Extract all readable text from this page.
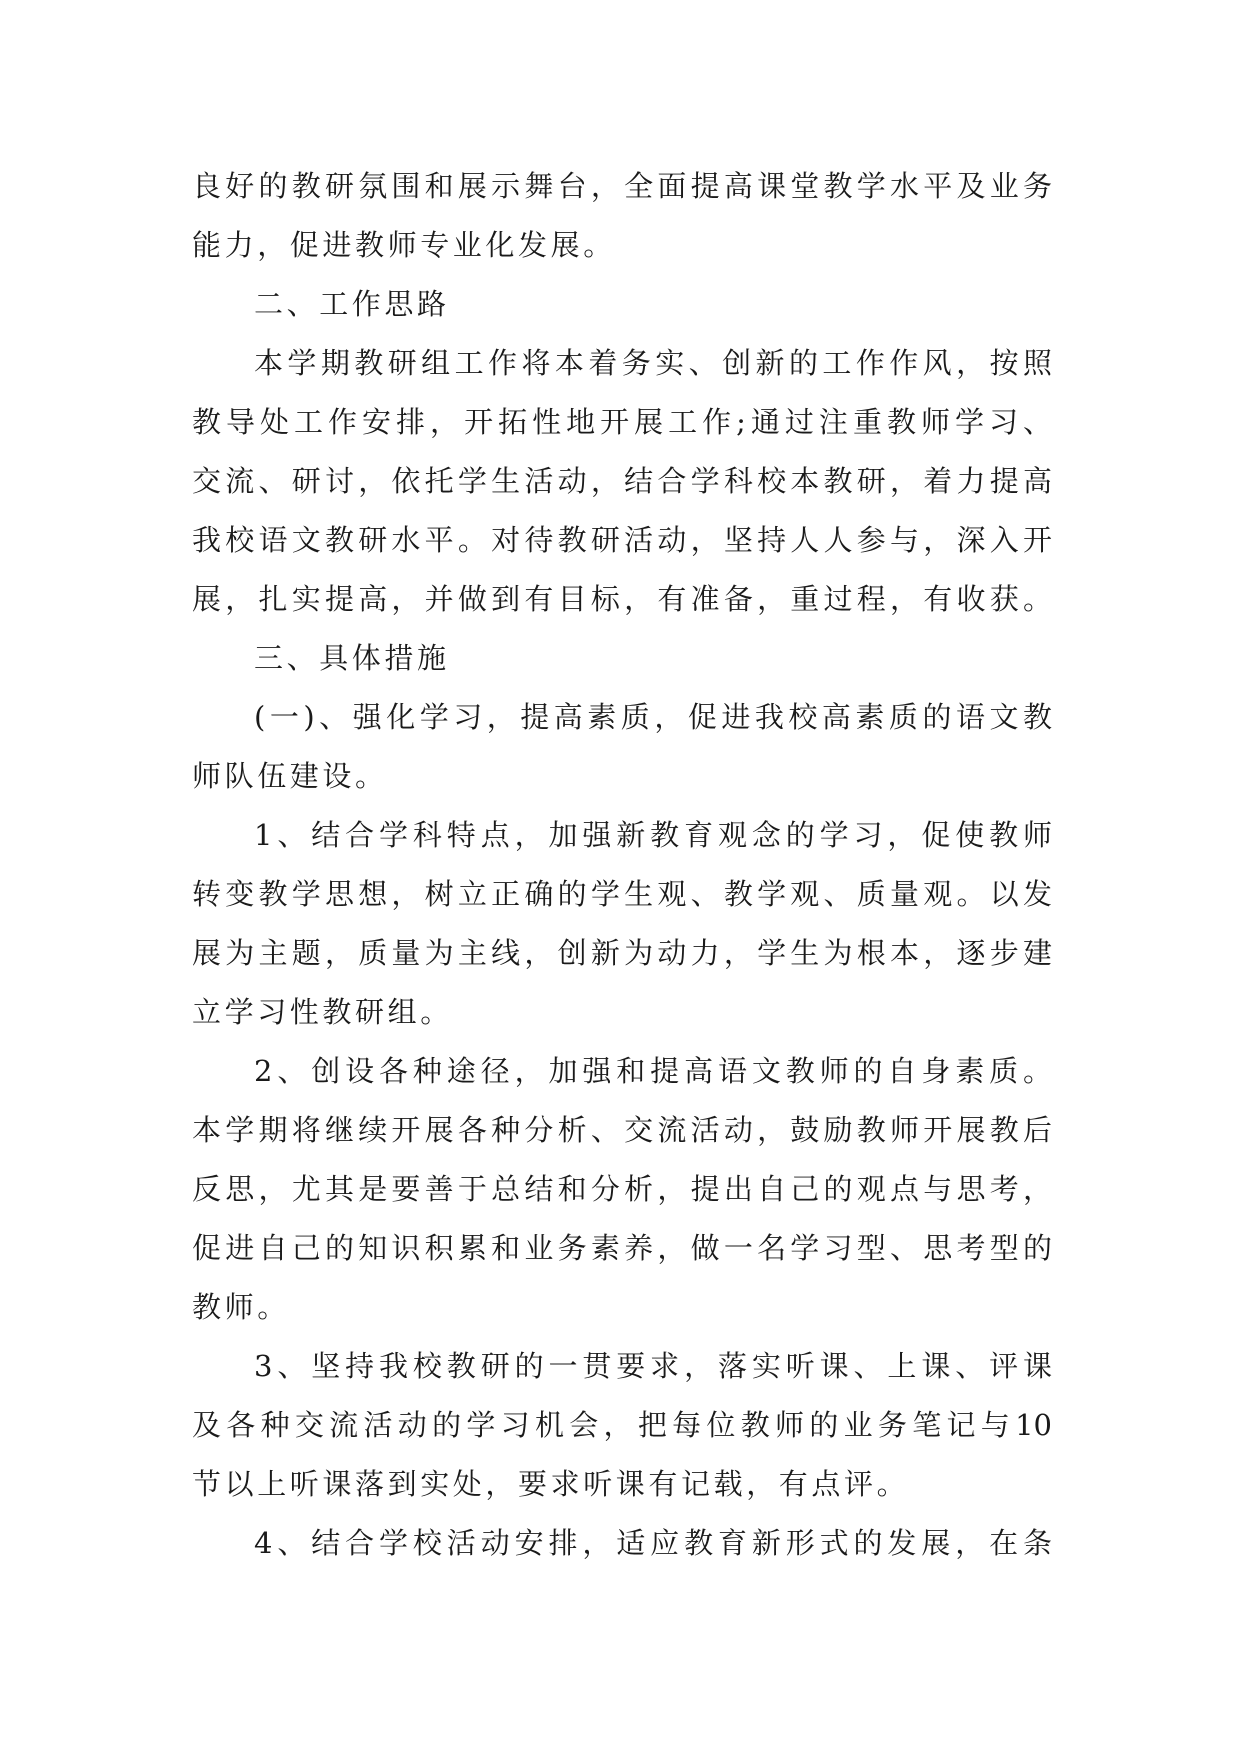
良好的教研氛围和展示舞台，全面提高课堂教学水平及业务
能力，促进教师专业化发展。
二、工作思路
本学期教研组工作将本着务实、创新的工作作风，按照
教导处工作安排，开拓性地开展工作;通过注重教师学习、
交流、研讨，依托学生活动，结合学科校本教研，着力提高
我校语文教研水平。对待教研活动，坚持人人参与，深入开
展，扎实提高，并做到有目标，有准备，重过程，有收获。
三、具体措施
(一)、强化学习，提高素质，促进我校高素质的语文教
师队伍建设。
1、结合学科特点，加强新教育观念的学习，促使教师
转变教学思想，树立正确的学生观、教学观、质量观。以发
展为主题，质量为主线，创新为动力，学生为根本，逐步建
立学习性教研组。
2、创设各种途径，加强和提高语文教师的自身素质。
本学期将继续开展各种分析、交流活动，鼓励教师开展教后
反思，尤其是要善于总结和分析，提出自己的观点与思考，
促进自己的知识积累和业务素养，做一名学习型、思考型的
教师。
3、坚持我校教研的一贯要求，落实听课、上课、评课
及各种交流活动的学习机会，把每位教师的业务笔记与10
节以上听课落到实处，要求听课有记载，有点评。
4、结合学校活动安排，适应教育新形式的发展，在条
